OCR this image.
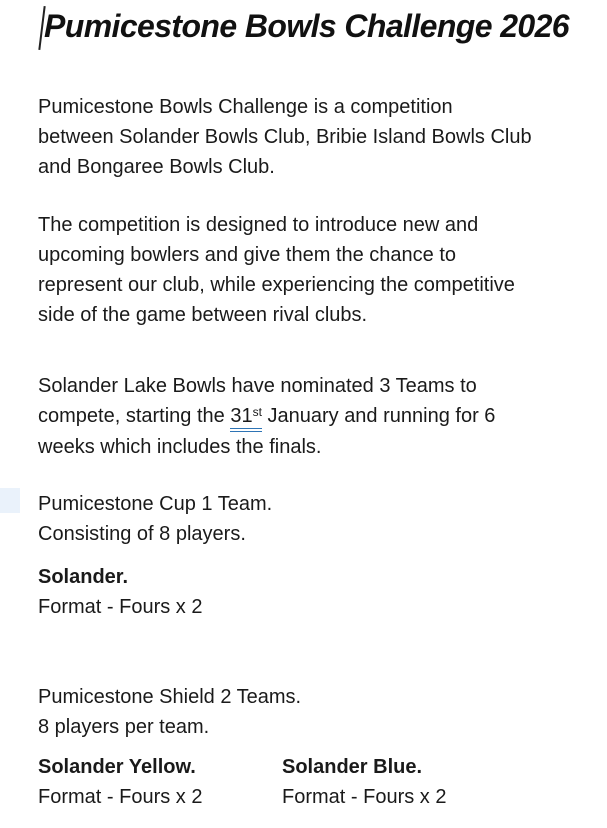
Pumicestone Bowls Challenge 2026
Pumicestone Bowls Challenge is a competition
between Solander Bowls Club, Bribie Island Bowls Club
and Bongaree Bowls Club.
The competition is designed to introduce new and
upcoming bowlers and give them the chance to
represent our club, while experiencing the competitive
side of the game between rival clubs.
Solander Lake Bowls have nominated 3 Teams to
compete, starting the 31st January and running for 6
weeks which includes the finals.
Pumicestone Cup 1 Team.
Consisting of 8 players.
Solander.
Format - Fours x 2
Pumicestone Shield 2 Teams.
8 players per team.
Solander Yellow.
Format - Fours x 2
Solander Blue.
Format - Fours x 2
